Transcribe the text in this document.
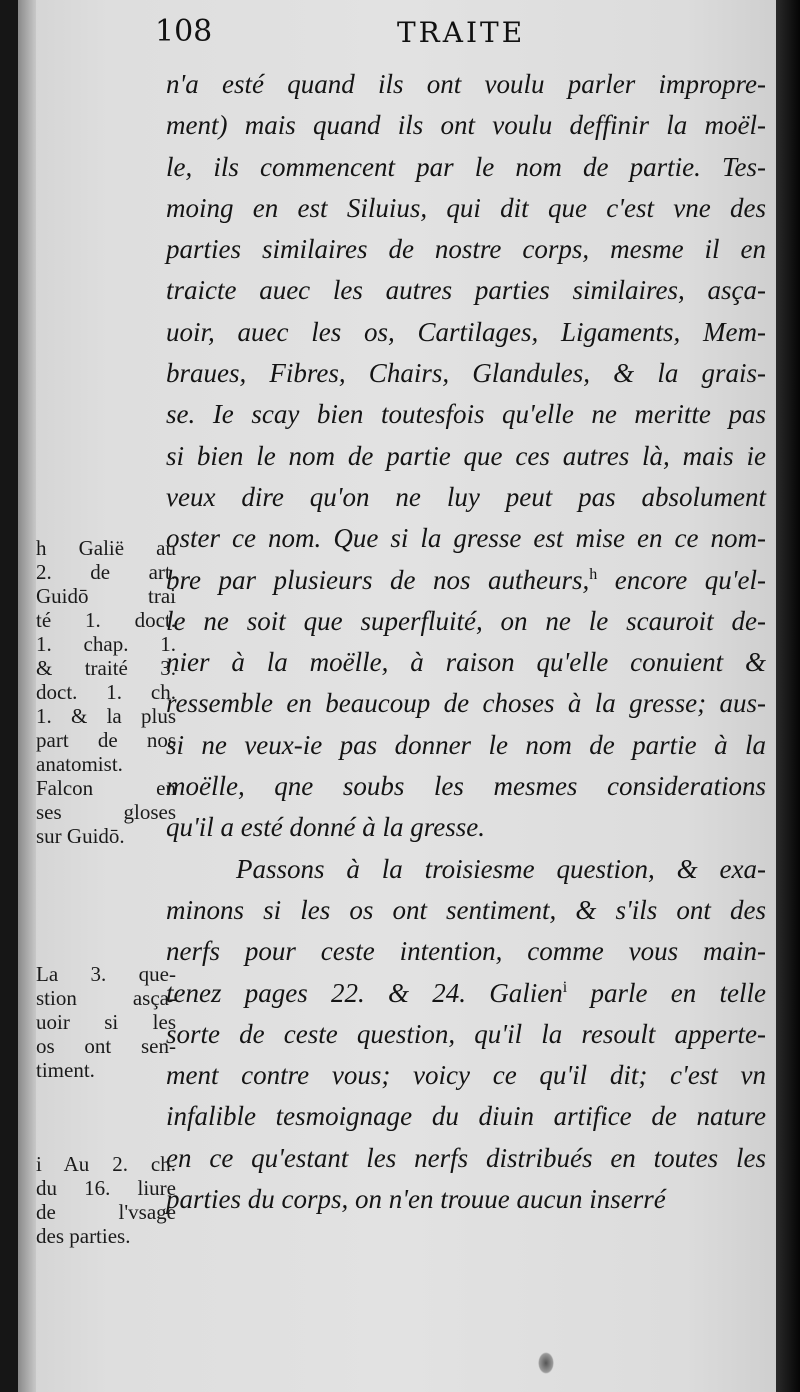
108	TRAITE
n'a esté quand ils ont voulu parler impropre-
ment) mais quand ils ont voulu deffinir la moël-
le, ils commencent par le nom de partie. Tes-
moing en est Siluius, qui dit que c'est vne des
parties similaires de nostre corps, mesme il en
traicte auec les autres parties similaires, asça-
uoir, auec les os, Cartilages, Ligaments, Mem-
braues, Fibres, Chairs, Glandules, & la grais-
se. Ie scay bien toutesfois qu'elle ne meritte pas
si bien le nom de partie que ces autres là, mais ie
veux dire qu'on ne luy peut pas absolument
oster ce nom. Que si la gresse est mise en ce nom-
bre par plusieurs de nos autheurs,$^h$ encore qu'el-
le ne soit que superfluité, on ne le scauroit de-
nier à la moëlle, à raison qu'elle conuient &
ressemble en beaucoup de choses à la gresse; aus-
si ne veux-ie pas donner le nom de partie à la
moëlle, qne soubs les mesmes considerations
qu'il a esté donné à la gresse.
Passons à la troisiesme question, & exa-
minons si les os ont sentiment, & s'ils ont des
nerfs pour ceste intention, comme vous main-
tenez pages 22. & 24. Galien$^i$ parle en telle
sorte de ceste question, qu'il la resoult apperte-
ment contre vous; voicy ce qu'il dit; c'est vn
infalible tesmoignage du diuin artifice de nature
en ce qu'estant les nerfs distribués en toutes les
parties du corps, on n'en trouue aucun inserré
h Galië au
2. de art.
Guidō trai
té 1. doct.
1. chap. 1.
& traité 3.
doct. 1. ch.
1. & la plus
part de nos
anatomist.
Falcon en
ses gloses
sur Guidō.
La 3. que-
stion asça-
uoir si les
os ont sen-
timent.
i Au 2. ch.
du 16. liure
de l'vsage
des parties.
